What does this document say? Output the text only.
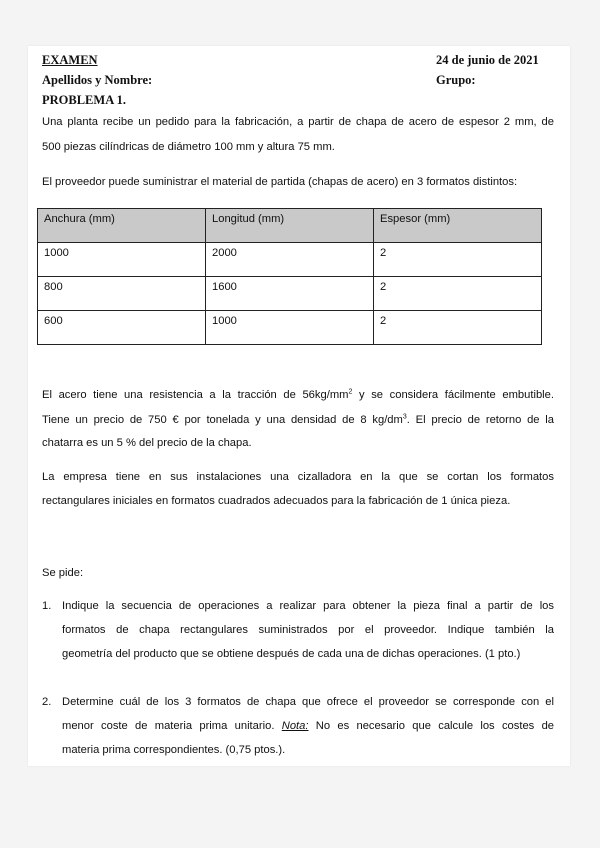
EXAMEN	24 de junio de 2021
Apellidos y Nombre:	Grupo:
PROBLEMA 1.
Una planta recibe un pedido para la fabricación, a partir de chapa de acero de espesor 2 mm, de
500 piezas cilíndricas de diámetro 100 mm y altura 75 mm.
El proveedor puede suministrar el material de partida (chapas de acero) en 3 formatos distintos:
Anchura (mm)	Longitud (mm)	Espesor (mm)
1000	2000	2
800	1600	2
600	1000	2
El acero tiene una resistencia a la tracción de $56kg/mm^2$ y se considera fácilmente embutible.
Tiene un precio de 750 € por tonelada y una densidad de 8 $kg/dm^3$. El precio de retorno de la
chatarra es un 5 % del precio de la chapa.
La empresa tiene en sus instalaciones una cizalladora en la que se cortan los formatos
rectangulares iniciales en formatos cuadrados adecuados para la fabricación de 1 única pieza.
Se pide:
1. Indique la secuencia de operaciones a realizar para obtener la pieza final a partir de los
formatos de chapa rectangulares suministrados por el proveedor. Indique también la
geometría del producto que se obtiene después de cada una de dichas operaciones. (1 pto.)
2. Determine cuál de los 3 formatos de chapa que ofrece el proveedor se corresponde con el
menor coste de materia prima unitario. Nota: No es necesario que calcule los costes de
materia prima correspondientes. (0,75 ptos.).
